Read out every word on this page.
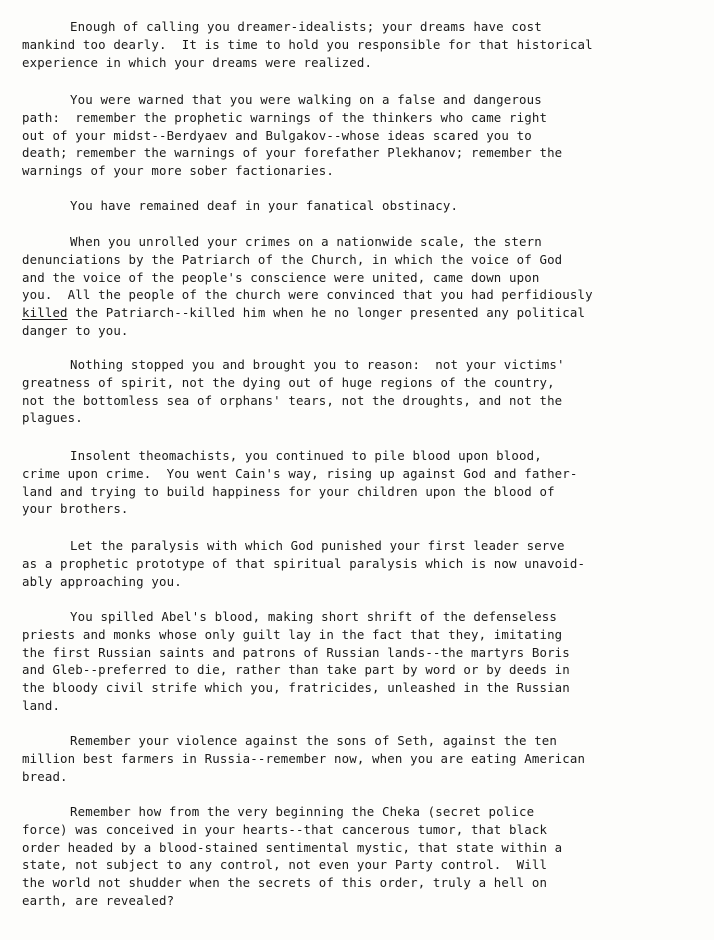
Enough of calling you dreamer-idealists; your dreams have cost
mankind too dearly.  It is time to hold you responsible for that historical
experience in which your dreams were realized.
You were warned that you were walking on a false and dangerous
path:  remember the prophetic warnings of the thinkers who came right
out of your midst--Berdyaev and Bulgakov--whose ideas scared you to
death; remember the warnings of your forefather Plekhanov; remember the
warnings of your more sober factionaries.
You have remained deaf in your fanatical obstinacy.
When you unrolled your crimes on a nationwide scale, the stern
denunciations by the Patriarch of the Church, in which the voice of God
and the voice of the people's conscience were united, came down upon
you.  All the people of the church were convinced that you had perfidiously
killed the Patriarch--killed him when he no longer presented any political
danger to you.
Nothing stopped you and brought you to reason:  not your victims'
greatness of spirit, not the dying out of huge regions of the country,
not the bottomless sea of orphans' tears, not the droughts, and not the
plagues.
Insolent theomachists, you continued to pile blood upon blood,
crime upon crime.  You went Cain's way, rising up against God and father-
land and trying to build happiness for your children upon the blood of
your brothers.
Let the paralysis with which God punished your first leader serve
as a prophetic prototype of that spiritual paralysis which is now unavoid-
ably approaching you.
You spilled Abel's blood, making short shrift of the defenseless
priests and monks whose only guilt lay in the fact that they, imitating
the first Russian saints and patrons of Russian lands--the martyrs Boris
and Gleb--preferred to die, rather than take part by word or by deeds in
the bloody civil strife which you, fratricides, unleashed in the Russian
land.
Remember your violence against the sons of Seth, against the ten
million best farmers in Russia--remember now, when you are eating American
bread.
Remember how from the very beginning the Cheka (secret police
force) was conceived in your hearts--that cancerous tumor, that black
order headed by a blood-stained sentimental mystic, that state within a
state, not subject to any control, not even your Party control.  Will
the world not shudder when the secrets of this order, truly a hell on
earth, are revealed?
